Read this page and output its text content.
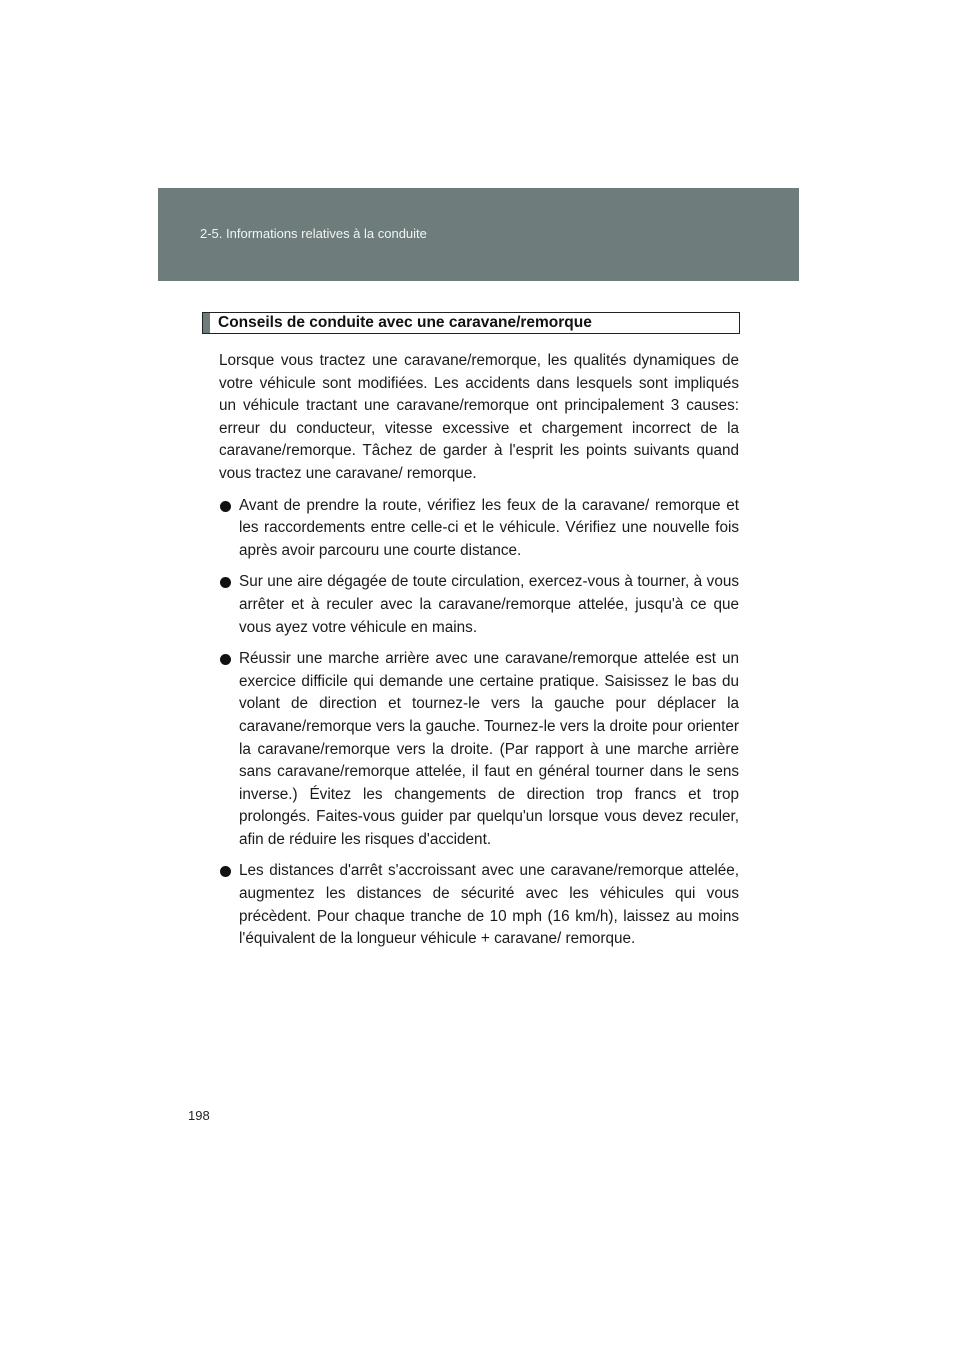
2-5. Informations relatives à la conduite
Conseils de conduite avec une caravane/remorque

Lorsque vous tractez une caravane/remorque, les qualités dynamiques de votre véhicule sont modifiées. Les accidents dans lesquels sont impliqués un véhicule tractant une caravane/remorque ont principalement 3 causes: erreur du conducteur, vitesse excessive et chargement incorrect de la caravane/remorque. Tâchez de garder à l'esprit les points suivants quand vous tractez une caravane/ remorque.

Avant de prendre la route, vérifiez les feux de la caravane/ remorque et les raccordements entre celle-ci et le véhicule. Vérifiez une nouvelle fois après avoir parcouru une courte distance.
Sur une aire dégagée de toute circulation, exercez-vous à tourner, à vous arrêter et à reculer avec la caravane/remorque attelée, jusqu'à ce que vous ayez votre véhicule en mains.
Réussir une marche arrière avec une caravane/remorque attelée est un exercice difficile qui demande une certaine pratique. Saisissez le bas du volant de direction et tournez-le vers la gauche pour déplacer la caravane/remorque vers la gauche. Tournez-le vers la droite pour orienter la caravane/remorque vers la droite. (Par rapport à une marche arrière sans caravane/remorque attelée, il faut en général tourner dans le sens inverse.) Évitez les changements de direction trop francs et trop prolongés. Faites-vous guider par quelqu'un lorsque vous devez reculer, afin de réduire les risques d'accident.
Les distances d'arrêt s'accroissant avec une caravane/remorque attelée, augmentez les distances de sécurité avec les véhicules qui vous précèdent. Pour chaque tranche de 10 mph (16 km/h), laissez au moins l'équivalent de la longueur véhicule + caravane/ remorque.
198
